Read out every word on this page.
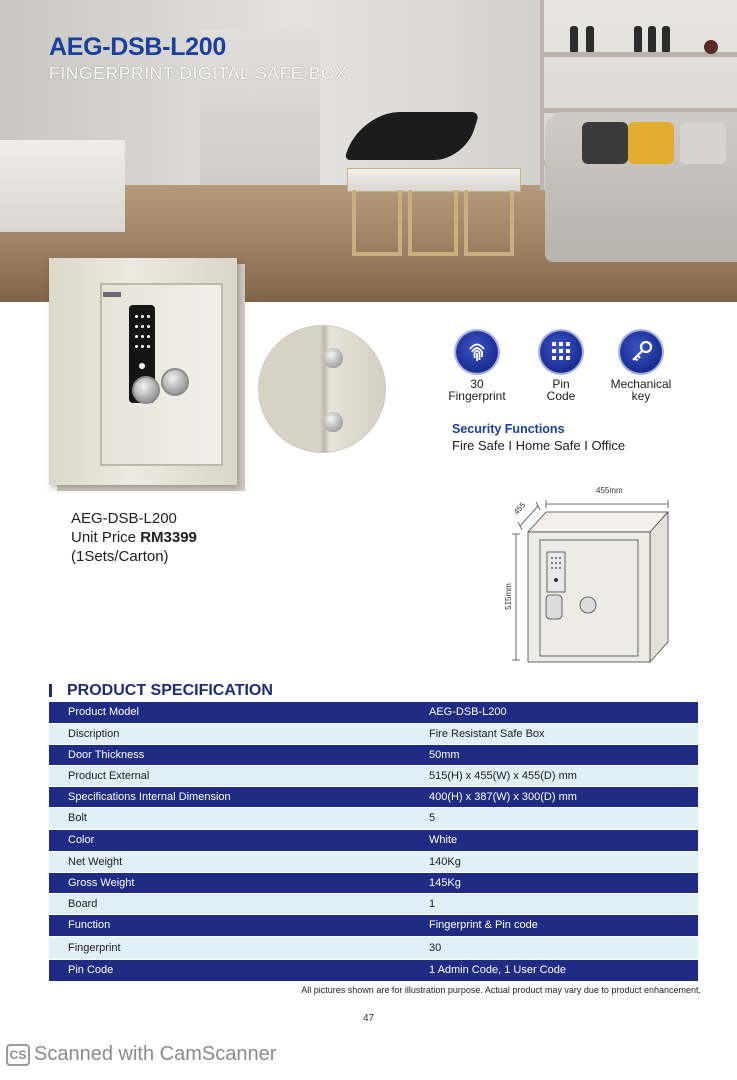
AEG-DSB-L200

FINGERPRINT DIGITAL SAFE BOX

AEG-DSB-L200
Unit Price RM3399
(1Sets/Carton)
30
Fingerprint
Pin
Code
Mechanical
key

Security Functions

Fire Safe I Home Safe I Office

455mm
455
515mm
PRODUCT SPECIFICATION
Product Model	AEG-DSB-L200
Discription	Fire Resistant Safe Box
Door Thickness	50mm
Product External	515(H) x 455(W) x 455(D) mm
Specifications Internal Dimension	400(H) x 387(W) x 300(D) mm
Bolt	5
Color	White
Net Weight	140Kg
Gross Weight	145Kg
Board	1
Function	Fingerprint & Pin code
Fingerprint	30
Pin Code	1 Admin Code, 1 User Code

All pictures shown are for illustration purpose. Actual product may vary due to product enhancement.

47

CS Scanned with CamScanner
